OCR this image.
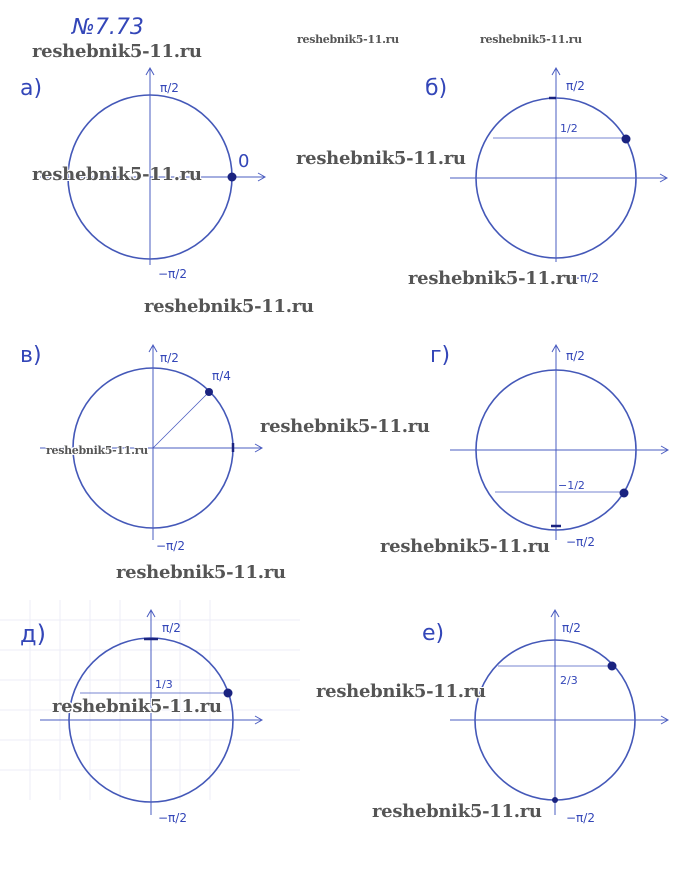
№7.73
a)	π/2
−π/2
0
б)	π/2
−π/2
1/2
в)
π/4
π/2
−π/2
г)
−1/2
π/2
−π/2
д)
1/3
π/2
−π/2
е)
2/3
π/2
−π/2
reshebnik5-11.ru
reshebnik5-11.ru	reshebnik5-11.ru
reshebnik5-11.ru
reshebnik5-11.ru
reshebnik5-11.ru
reshebnik5-11.ru
reshebnik5-11.ru
reshebnik5-11.ru
reshebnik5-11.ru
reshebnik5-11.ru
reshebnik5-11.ru
reshebnik5-11.ru
reshebnik5-11.ru
